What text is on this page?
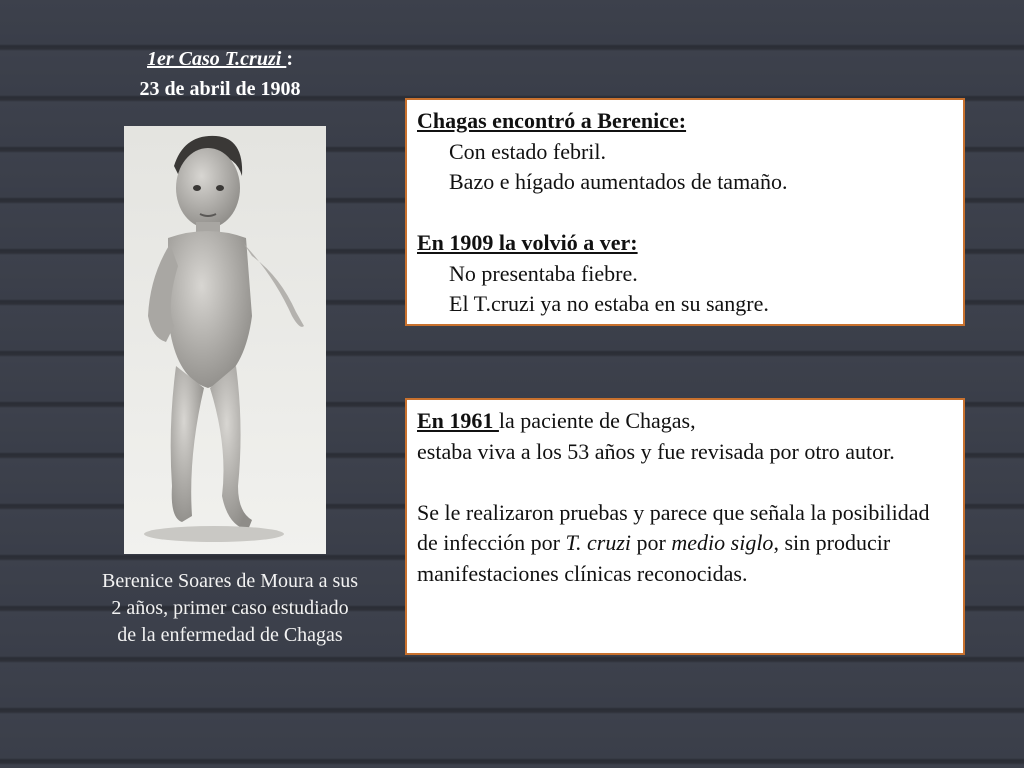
1er Caso T.cruzi :
23 de abril de 1908
Berenice Soares de Moura a sus 2 años, primer caso estudiado de la enfermedad de Chagas

Chagas encontró a Berenice:

Con estado febril.

Bazo e hígado aumentados de tamaño.

En 1909 la volvió a ver:

No presentaba fiebre.

El T.cruzi ya no estaba en su sangre.

En 1961 la paciente de Chagas,

estaba viva a los 53 años y fue revisada por otro autor.

Se le realizaron pruebas y parece que señala la posibilidad de infección por T. cruzi por medio siglo, sin producir manifestaciones clínicas reconocidas.
